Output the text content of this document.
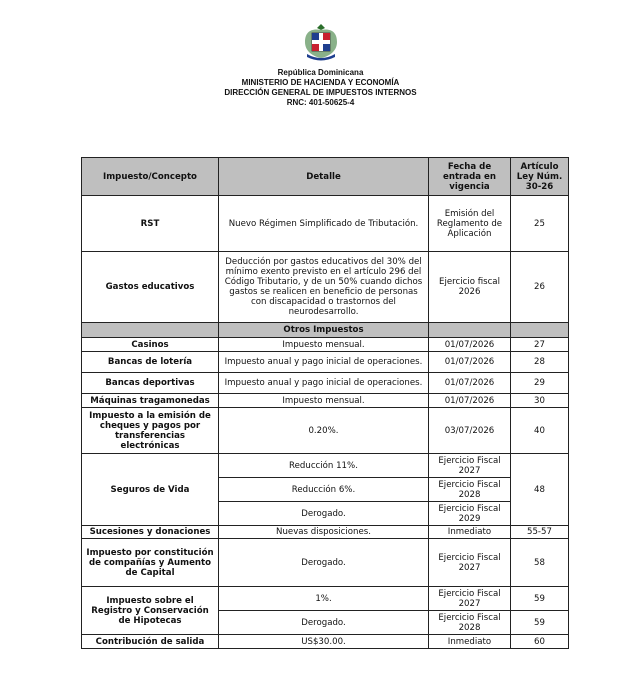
República Dominicana
MINISTERIO DE HACIENDA Y ECONOMÍA
DIRECCIÓN GENERAL DE IMPUESTOS INTERNOS
RNC: 401-50625-4
Impuesto/Concepto	Detalle	Fecha de entrada en vigencia	Artículo Ley Núm. 30-26
RST	Nuevo Régimen Simplificado de Tributación.	Emisión del Reglamento de Aplicación	25
Gastos educativos	Deducción por gastos educativos del 30% del mínimo exento previsto en el artículo 296 del Código Tributario, y de un 50% cuando dichos gastos se realicen en beneficio de personas con discapacidad o trastornos del neurodesarrollo.	Ejercicio fiscal 2026	26
	Otros Impuestos		
Casinos	Impuesto mensual.	01/07/2026	27
Bancas de lotería	Impuesto anual y pago inicial de operaciones.	01/07/2026	28
Bancas deportivas	Impuesto anual y pago inicial de operaciones.	01/07/2026	29
Máquinas tragamonedas	Impuesto mensual.	01/07/2026	30
Impuesto a la emisión de cheques y pagos por transferencias electrónicas	0.20%.	03/07/2026	40
Seguros de Vida	Reducción 11%.	Ejercicio Fiscal 2027	48
	Reducción 6%.	Ejercicio Fiscal 2028	
	Derogado.	Ejercicio Fiscal 2029	
Sucesiones y donaciones	Nuevas disposiciones.	Inmediato	55-57
Impuesto por constitución de compañías y Aumento de Capital	Derogado.	Ejercicio Fiscal 2027	58
Impuesto sobre el Registro y Conservación de Hipotecas	1%.	Ejercicio Fiscal 2027	59
	Derogado.	Ejercicio Fiscal 2028	59
Contribución de salida	US$30.00.	Inmediato	60
